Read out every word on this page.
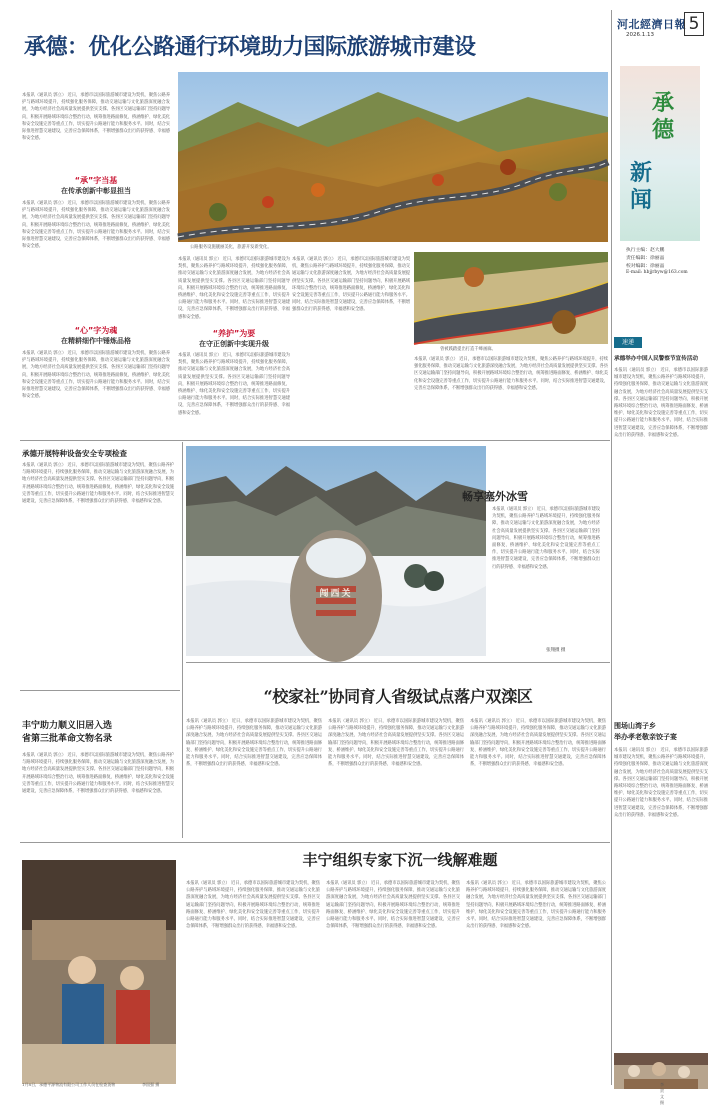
承德：优化公路通行环境助力国际旅游城市建设
本报讯（通讯员 郭立） 近日，承德市以国际旅游城市建设为契机，聚焦公路养护与路域环境提升，持续强化服务保障，推动交通运输与文化旅游深度融合发展，为地方经济社会高质量发展提供坚实支撑。各县区交通运输部门坚持问题导向，积极开展路域环境综合整治行动，统筹推进路面修复、桥涵维护、绿化美化和安全设施完善等重点工作，切实提升公路通行能力和服务水平。同时，结合实际推进智慧交通建设，完善应急保障体系，不断增强群众出行的获得感、幸福感和安全感。
“承”字当基
在传承创新中彰显担当
本报讯（通讯员 郭立） 近日，承德市以国际旅游城市建设为契机，聚焦公路养护与路域环境提升，持续强化服务保障，推动交通运输与文化旅游深度融合发展，为地方经济社会高质量发展提供坚实支撑。各县区交通运输部门坚持问题导向，积极开展路域环境综合整治行动，统筹推进路面修复、桥涵维护、绿化美化和安全设施完善等重点工作，切实提升公路通行能力和服务水平。同时，结合实际推进智慧交通建设，完善应急保障体系，不断增强群众出行的获得感、幸福感和安全感。
“心”字为魂
在精耕细作中锤炼品格
本报讯（通讯员 郭立） 近日，承德市以国际旅游城市建设为契机，聚焦公路养护与路域环境提升，持续强化服务保障，推动交通运输与文化旅游深度融合发展，为地方经济社会高质量发展提供坚实支撑。各县区交通运输部门坚持问题导向，积极开展路域环境综合整治行动，统筹推进路面修复、桥涵维护、绿化美化和安全设施完善等重点工作，切实提升公路通行能力和服务水平。同时，结合实际推进智慧交通建设，完善应急保障体系，不断增强群众出行的获得感、幸福感和安全感。
公路服务设施靓丽美化，旅游开发新变化。
本报讯（通讯员 郭立） 近日，承德市以国际旅游城市建设为契机，聚焦公路养护与路域环境提升，持续强化服务保障，推动交通运输与文化旅游深度融合发展，为地方经济社会高质量发展提供坚实支撑。各县区交通运输部门坚持问题导向，积极开展路域环境综合整治行动，统筹推进路面修复、桥涵维护、绿化美化和安全设施完善等重点工作，切实提升公路通行能力和服务水平。同时，结合实际推进智慧交通建设，完善应急保障体系，不断增强群众出行的获得感、幸福感和安全感。
“养护”为要
在守正创新中实现升级
本报讯（通讯员 郭立） 近日，承德市以国际旅游城市建设为契机，聚焦公路养护与路域环境提升，持续强化服务保障，推动交通运输与文化旅游深度融合发展，为地方经济社会高质量发展提供坚实支撑。各县区交通运输部门坚持问题导向，积极开展路域环境综合整治行动，统筹推进路面修复、桥涵维护、绿化美化和安全设施完善等重点工作，切实提升公路通行能力和服务水平。同时，结合实际推进智慧交通建设，完善应急保障体系，不断增强群众出行的获得感、幸福感和安全感。
本报讯（通讯员 郭立） 近日，承德市以国际旅游城市建设为契机，聚焦公路养护与路域环境提升，持续强化服务保障，推动交通运输与文化旅游深度融合发展，为地方经济社会高质量发展提供坚实支撑。各县区交通运输部门坚持问题导向，积极开展路域环境综合整治行动，统筹推进路面修复、桥涵维护、绿化美化和安全设施完善等重点工作，切实提升公路通行能力和服务水平。同时，结合实际推进智慧交通建设，完善应急保障体系，不断增强群众出行的获得感、幸福感和安全感。
曾被践踏提出打造千峰画廊。
本报讯（通讯员 郭立） 近日，承德市以国际旅游城市建设为契机，聚焦公路养护与路域环境提升，持续强化服务保障，推动交通运输与文化旅游深度融合发展，为地方经济社会高质量发展提供坚实支撑。各县区交通运输部门坚持问题导向，积极开展路域环境综合整治行动，统筹推进路面修复、桥涵维护、绿化美化和安全设施完善等重点工作，切实提升公路通行能力和服务水平。同时，结合实际推进智慧交通建设，完善应急保障体系，不断增强群众出行的获得感、幸福感和安全感。
河北經濟日報
2026.1.13
5
承
德
新
闻
执行主编：赵大鹏
责任编辑：徐丽晶
校对编辑：徐丽晶
E-mail: hbjjrbyw@163.com
速递
承德举办中国人民警察节宣传活动
本报讯（通讯员 郭立） 近日，承德市以国际旅游城市建设为契机，聚焦公路养护与路域环境提升，持续强化服务保障，推动交通运输与文化旅游深度融合发展，为地方经济社会高质量发展提供坚实支撑。各县区交通运输部门坚持问题导向，积极开展路域环境综合整治行动，统筹推进路面修复、桥涵维护、绿化美化和安全设施完善等重点工作，切实提升公路通行能力和服务水平。同时，结合实际推进智慧交通建设，完善应急保障体系，不断增强群众出行的获得感、幸福感和安全感。
围场山湾子乡
举办孝老敬亲饺子宴
本报讯（通讯员 郭立） 近日，承德市以国际旅游城市建设为契机，聚焦公路养护与路域环境提升，持续强化服务保障，推动交通运输与文化旅游深度融合发展，为地方经济社会高质量发展提供坚实支撑。各县区交通运输部门坚持问题导向，积极开展路域环境综合整治行动，统筹推进路面修复、桥涵维护、绿化美化和安全设施完善等重点工作，切实提升公路通行能力和服务水平。同时，结合实际推进智慧交通建设，完善应急保障体系，不断增强群众出行的获得感、幸福感和安全感。
承德开展特种设备安全专项检查
本报讯（通讯员 郭立） 近日，承德市以国际旅游城市建设为契机，聚焦公路养护与路域环境提升，持续强化服务保障，推动交通运输与文化旅游深度融合发展，为地方经济社会高质量发展提供坚实支撑。各县区交通运输部门坚持问题导向，积极开展路域环境综合整治行动，统筹推进路面修复、桥涵维护、绿化美化和安全设施完善等重点工作，切实提升公路通行能力和服务水平。同时，结合实际推进智慧交通建设，完善应急保障体系，不断增强群众出行的获得感、幸福感和安全感。
丰宁助力顺义旧居入选
省第三批革命文物名录
本报讯（通讯员 郭立） 近日，承德市以国际旅游城市建设为契机，聚焦公路养护与路域环境提升，持续强化服务保障，推动交通运输与文化旅游深度融合发展，为地方经济社会高质量发展提供坚实支撑。各县区交通运输部门坚持问题导向，积极开展路域环境综合整治行动，统筹推进路面修复、桥涵维护、绿化美化和安全设施完善等重点工作，切实提升公路通行能力和服务水平。同时，结合实际推进智慧交通建设，完善应急保障体系，不断增强群众出行的获得感、幸福感和安全感。
闯西关
畅享塞外冰雪
本报讯（通讯员 郭立） 近日，承德市以国际旅游城市建设为契机，聚焦公路养护与路域环境提升，持续强化服务保障，推动交通运输与文化旅游深度融合发展，为地方经济社会高质量发展提供坚实支撑。各县区交通运输部门坚持问题导向，积极开展路域环境综合整治行动，统筹推进路面修复、桥涵维护、绿化美化和安全设施完善等重点工作，切实提升公路通行能力和服务水平。同时，结合实际推进智慧交通建设，完善应急保障体系，不断增强群众出行的获得感、幸福感和安全感。
张翔摄 摄
“校家社”协同育人省级试点落户双滦区
本报讯（通讯员 郭立） 近日，承德市以国际旅游城市建设为契机，聚焦公路养护与路域环境提升，持续强化服务保障，推动交通运输与文化旅游深度融合发展，为地方经济社会高质量发展提供坚实支撑。各县区交通运输部门坚持问题导向，积极开展路域环境综合整治行动，统筹推进路面修复、桥涵维护、绿化美化和安全设施完善等重点工作，切实提升公路通行能力和服务水平。同时，结合实际推进智慧交通建设，完善应急保障体系，不断增强群众出行的获得感、幸福感和安全感。
本报讯（通讯员 郭立） 近日，承德市以国际旅游城市建设为契机，聚焦公路养护与路域环境提升，持续强化服务保障，推动交通运输与文化旅游深度融合发展，为地方经济社会高质量发展提供坚实支撑。各县区交通运输部门坚持问题导向，积极开展路域环境综合整治行动，统筹推进路面修复、桥涵维护、绿化美化和安全设施完善等重点工作，切实提升公路通行能力和服务水平。同时，结合实际推进智慧交通建设，完善应急保障体系，不断增强群众出行的获得感、幸福感和安全感。
本报讯（通讯员 郭立） 近日，承德市以国际旅游城市建设为契机，聚焦公路养护与路域环境提升，持续强化服务保障，推动交通运输与文化旅游深度融合发展，为地方经济社会高质量发展提供坚实支撑。各县区交通运输部门坚持问题导向，积极开展路域环境综合整治行动，统筹推进路面修复、桥涵维护、绿化美化和安全设施完善等重点工作，切实提升公路通行能力和服务水平。同时，结合实际推进智慧交通建设，完善应急保障体系，不断增强群众出行的获得感、幸福感和安全感。
丰宁组织专家下沉一线解难题
1月8日，承德平源物流有限公司工作人员在检查货物	李国强 摄
本报讯（通讯员 郭立） 近日，承德市以国际旅游城市建设为契机，聚焦公路养护与路域环境提升，持续强化服务保障，推动交通运输与文化旅游深度融合发展，为地方经济社会高质量发展提供坚实支撑。各县区交通运输部门坚持问题导向，积极开展路域环境综合整治行动，统筹推进路面修复、桥涵维护、绿化美化和安全设施完善等重点工作，切实提升公路通行能力和服务水平。同时，结合实际推进智慧交通建设，完善应急保障体系，不断增强群众出行的获得感、幸福感和安全感。
本报讯（通讯员 郭立） 近日，承德市以国际旅游城市建设为契机，聚焦公路养护与路域环境提升，持续强化服务保障，推动交通运输与文化旅游深度融合发展，为地方经济社会高质量发展提供坚实支撑。各县区交通运输部门坚持问题导向，积极开展路域环境综合整治行动，统筹推进路面修复、桥涵维护、绿化美化和安全设施完善等重点工作，切实提升公路通行能力和服务水平。同时，结合实际推进智慧交通建设，完善应急保障体系，不断增强群众出行的获得感、幸福感和安全感。
本报讯（通讯员 郭立） 近日，承德市以国际旅游城市建设为契机，聚焦公路养护与路域环境提升，持续强化服务保障，推动交通运输与文化旅游深度融合发展，为地方经济社会高质量发展提供坚实支撑。各县区交通运输部门坚持问题导向，积极开展路域环境综合整治行动，统筹推进路面修复、桥涵维护、绿化美化和安全设施完善等重点工作，切实提升公路通行能力和服务水平。同时，结合实际推进智慧交通建设，完善应急保障体系，不断增强群众出行的获得感、幸福感和安全感。
李贺文 摄
